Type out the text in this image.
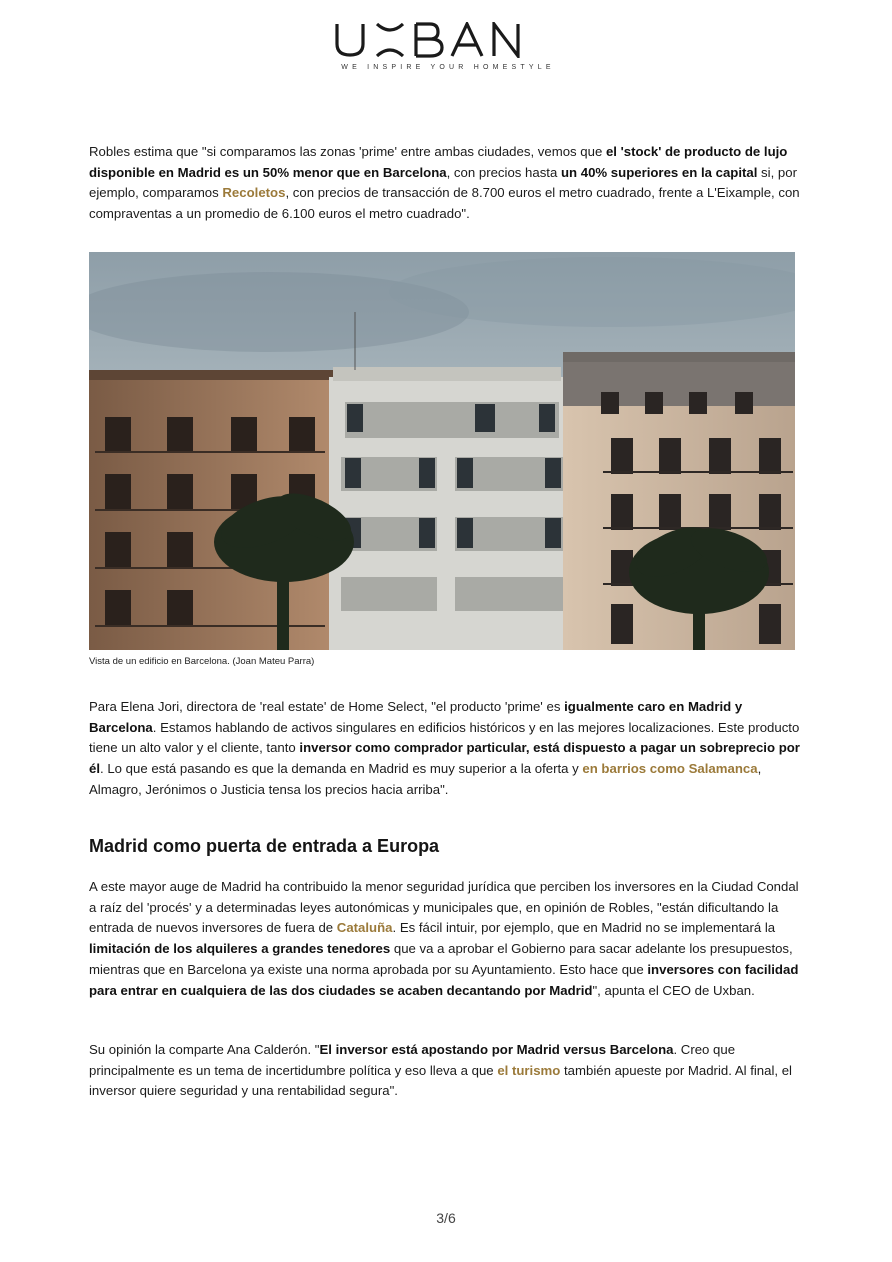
WE INSPIRE YOUR HOMESTYLE
Robles estima que "si comparamos las zonas 'prime' entre ambas ciudades, vemos que el 'stock' de producto de lujo disponible en Madrid es un 50% menor que en Barcelona, con precios hasta un 40% superiores en la capital si, por ejemplo, comparamos Recoletos, con precios de transacción de 8.700 euros el metro cuadrado, frente a L'Eixample, con compraventas a un promedio de 6.100 euros el metro cuadrado".
Vista de un edificio en Barcelona. (Joan Mateu Parra)
Para Elena Jori, directora de 'real estate' de Home Select, "el producto 'prime' es igualmente caro en Madrid y Barcelona. Estamos hablando de activos singulares en edificios históricos y en las mejores localizaciones. Este producto tiene un alto valor y el cliente, tanto inversor como comprador particular, está dispuesto a pagar un sobreprecio por él. Lo que está pasando es que la demanda en Madrid es muy superior a la oferta y en barrios como Salamanca, Almagro, Jerónimos o Justicia tensa los precios hacia arriba".
Madrid como puerta de entrada a Europa
A este mayor auge de Madrid ha contribuido la menor seguridad jurídica que perciben los inversores en la Ciudad Condal a raíz del 'procés' y a determinadas leyes autonómicas y municipales que, en opinión de Robles, "están dificultando la entrada de nuevos inversores de fuera de Cataluña. Es fácil intuir, por ejemplo, que en Madrid no se implementará la limitación de los alquileres a grandes tenedores que va a aprobar el Gobierno para sacar adelante los presupuestos, mientras que en Barcelona ya existe una norma aprobada por su Ayuntamiento. Esto hace que inversores con facilidad para entrar en cualquiera de las dos ciudades se acaben decantando por Madrid", apunta el CEO de Uxban.
Su opinión la comparte Ana Calderón. "El inversor está apostando por Madrid versus Barcelona. Creo que principalmente es un tema de incertidumbre política y eso lleva a que el turismo también apueste por Madrid. Al final, el inversor quiere seguridad y una rentabilidad segura".
3/6
